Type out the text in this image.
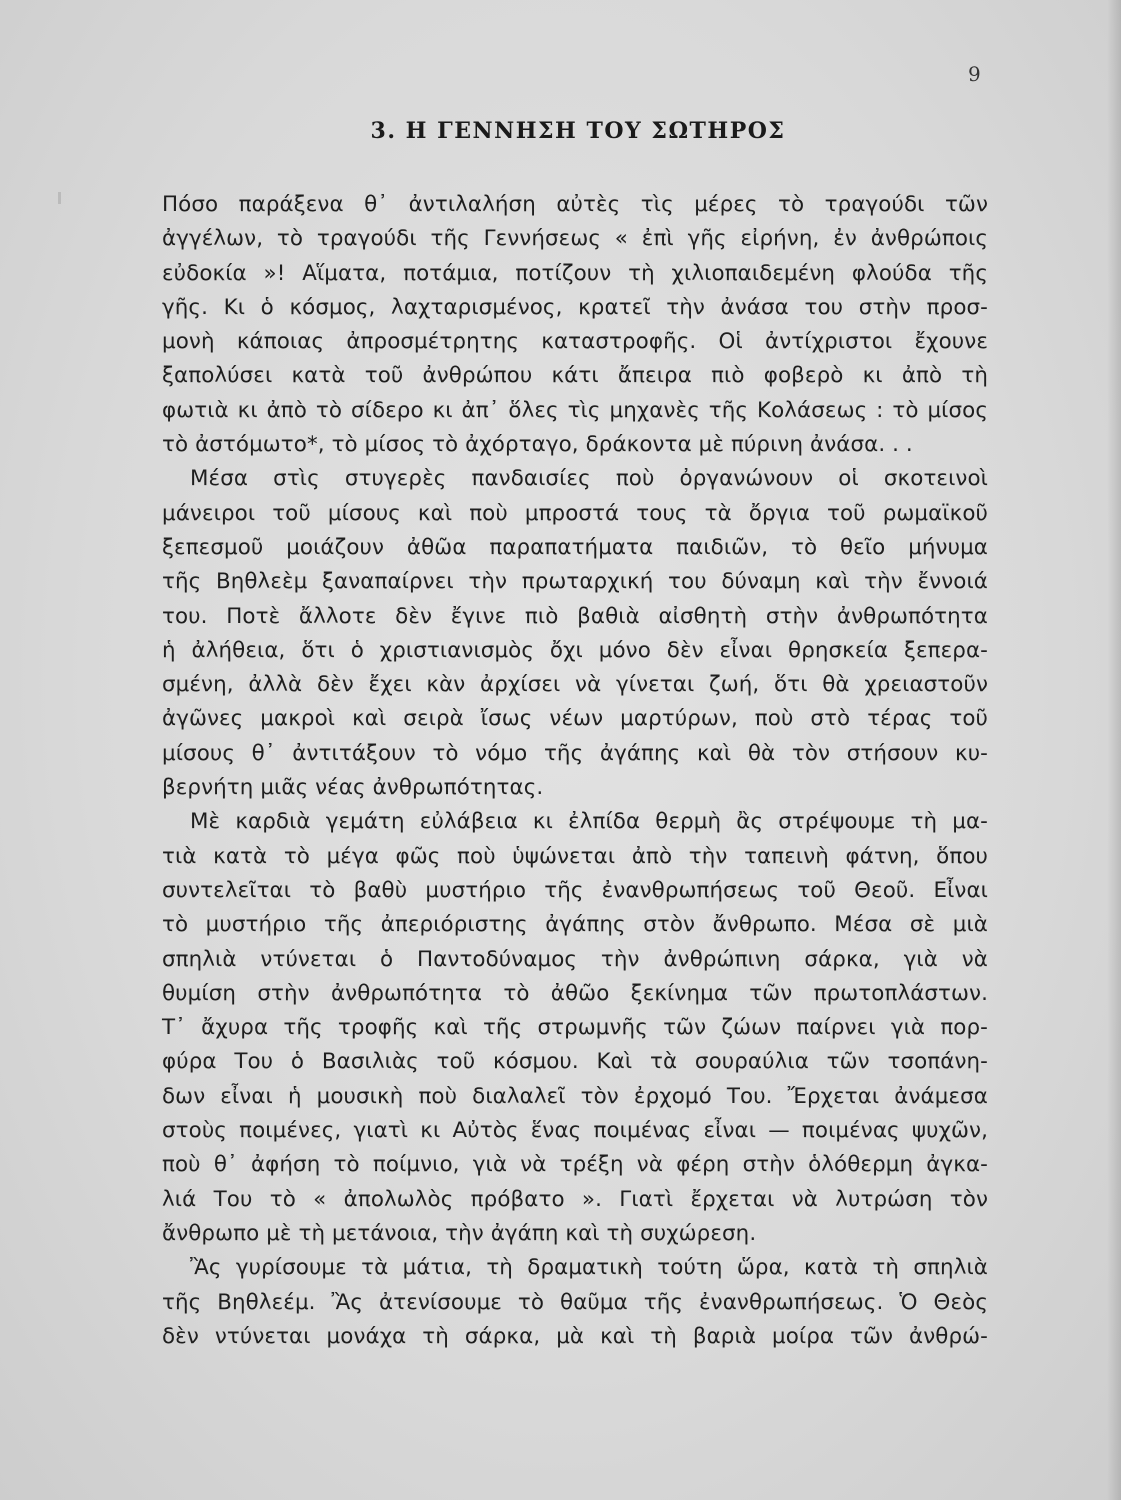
9
3. Η ΓΕΝΝΗΣΗ ΤΟΥ ΣΩΤΗΡΟΣ
Πόσο παράξενα θ᾿ ἀντιλαλήση αὐτὲς τὶς μέρες τὸ τραγούδι τῶν
ἀγγέλων, τὸ τραγούδι τῆς Γεννήσεως « ἐπὶ γῆς εἰρήνη, ἐν ἀνθρώποις
εὐδοκία »! Αἵματα, ποτάμια, ποτίζουν τὴ χιλιοπαιδεμένη φλούδα τῆς
γῆς. Κι ὁ κόσμος, λαχταρισμένος, κρατεῖ τὴν ἀνάσα του στὴν προσ-
μονὴ κάποιας ἀπροσμέτρητης καταστροφῆς. Οἱ ἀντίχριστοι ἔχουνε
ξαπολύσει κατὰ τοῦ ἀνθρώπου κάτι ἄπειρα πιὸ φοβερὸ κι ἀπὸ τὴ
φωτιὰ κι ἀπὸ τὸ σίδερο κι ἀπ᾿ ὅλες τὶς μηχανὲς τῆς Κολάσεως : τὸ μίσος
τὸ ἀστόμωτο*, τὸ μίσος τὸ ἀχόρταγο, δράκοντα μὲ πύρινη ἀνάσα. . .
Μέσα στὶς στυγερὲς πανδαισίες ποὺ ὀργανώνουν οἱ σκοτεινοὶ
μάνειροι τοῦ μίσους καὶ ποὺ μπροστά τους τὰ ὄργια τοῦ ρωμαϊκοῦ
ξεπεσμοῦ μοιάζουν ἀθῶα παραπατήματα παιδιῶν, τὸ θεῖο μήνυμα
τῆς Βηθλεὲμ ξαναπαίρνει τὴν πρωταρχική του δύναμη καὶ τὴν ἔννοιά
του. Ποτὲ ἄλλοτε δὲν ἔγινε πιὸ βαθιὰ αἰσθητὴ στὴν ἀνθρωπότητα
ἡ ἀλήθεια, ὅτι ὁ χριστιανισμὸς ὄχι μόνο δὲν εἶναι θρησκεία ξεπερα-
σμένη, ἀλλὰ δὲν ἔχει κὰν ἀρχίσει νὰ γίνεται ζωή, ὅτι θὰ χρειαστοῦν
ἀγῶνες μακροὶ καὶ σειρὰ ἴσως νέων μαρτύρων, ποὺ στὸ τέρας τοῦ
μίσους θ᾿ ἀντιτάξουν τὸ νόμο τῆς ἀγάπης καὶ θὰ τὸν στήσουν κυ-
βερνήτη μιᾶς νέας ἀνθρωπότητας.
Μὲ καρδιὰ γεμάτη εὐλάβεια κι ἐλπίδα θερμὴ ἂς στρέψουμε τὴ μα-
τιὰ κατὰ τὸ μέγα φῶς ποὺ ὑψώνεται ἀπὸ τὴν ταπεινὴ φάτνη, ὅπου
συντελεῖται τὸ βαθὺ μυστήριο τῆς ἐνανθρωπήσεως τοῦ Θεοῦ. Εἶναι
τὸ μυστήριο τῆς ἀπεριόριστης ἀγάπης στὸν ἄνθρωπο. Μέσα σὲ μιὰ
σπηλιὰ ντύνεται ὁ Παντοδύναμος τὴν ἀνθρώπινη σάρκα, γιὰ νὰ
θυμίση στὴν ἀνθρωπότητα τὸ ἀθῶο ξεκίνημα τῶν πρωτοπλάστων.
Τ᾿ ἄχυρα τῆς τροφῆς καὶ τῆς στρωμνῆς τῶν ζώων παίρνει γιὰ πορ-
φύρα Του ὁ Βασιλιὰς τοῦ κόσμου. Καὶ τὰ σουραύλια τῶν τσοπάνη-
δων εἶναι ἡ μουσικὴ ποὺ διαλαλεῖ τὸν ἐρχομό Του. Ἔρχεται ἀνάμεσα
στοὺς ποιμένες, γιατὶ κι Αὐτὸς ἕνας ποιμένας εἶναι — ποιμένας ψυχῶν,
ποὺ θ᾿ ἀφήση τὸ ποίμνιο, γιὰ νὰ τρέξη νὰ φέρη στὴν ὁλόθερμη ἀγκα-
λιά Του τὸ « ἀπολωλὸς πρόβατο ». Γιατὶ ἔρχεται νὰ λυτρώση τὸν
ἄνθρωπο μὲ τὴ μετάνοια, τὴν ἀγάπη καὶ τὴ συχώρεση.
Ἂς γυρίσουμε τὰ μάτια, τὴ δραματικὴ τούτη ὥρα, κατὰ τὴ σπηλιὰ
τῆς Βηθλεέμ. Ἂς ἀτενίσουμε τὸ θαῦμα τῆς ἐνανθρωπήσεως. Ὁ Θεὸς
δὲν ντύνεται μονάχα τὴ σάρκα, μὰ καὶ τὴ βαριὰ μοίρα τῶν ἀνθρώ-
